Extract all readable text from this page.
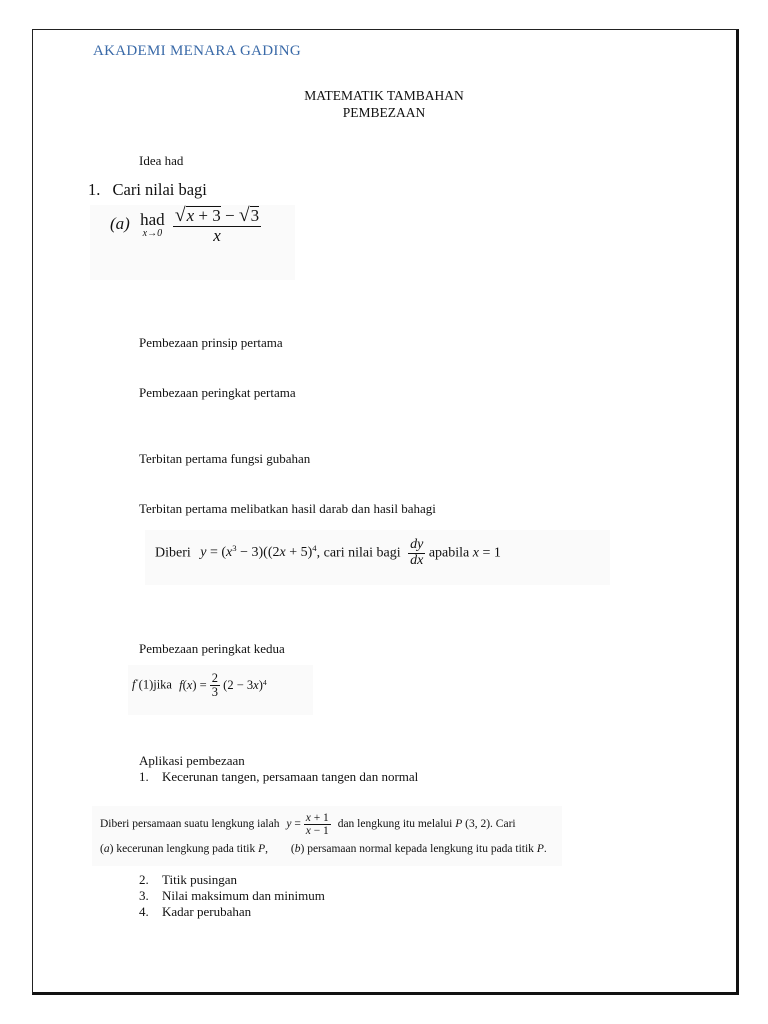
AKADEMI MENARA GADING
MATEMATIK TAMBAHAN
PEMBEZAAN
Idea had
1. Cari nilai bagi
(a) had
x→0
$\frac{√x + 3 - √3}{x}$
Pembezaan prinsip pertama
Pembezaan peringkat pertama
Terbitan pertama fungsi gubahan
Terbitan pertama melibatkan hasil darab dan hasil bahagi
Diberi $y = (x^3 - 3)((2x + 5)^4$, cari nilai bagi $\frac{dy}{dx}$ apabila x = 1
Pembezaan peringkat kedua
f"(1)jika $f(x) = \frac{2}{3} (2 - 3x)^4$
Aplikasi pembezaan
1. Kecerunan tangen, persamaan tangen dan normal
Diberi persamaan suatu lengkung ialah $y = \frac{x + 1}{x - 1}$ dan lengkung itu melalui P (3, 2). Cari
(a) kecerunan lengkung pada titik P, (b) persamaan normal kepada lengkung itu pada titik P.
2. Titik pusingan
3. Nilai maksimum dan minimum
4. Kadar perubahan
